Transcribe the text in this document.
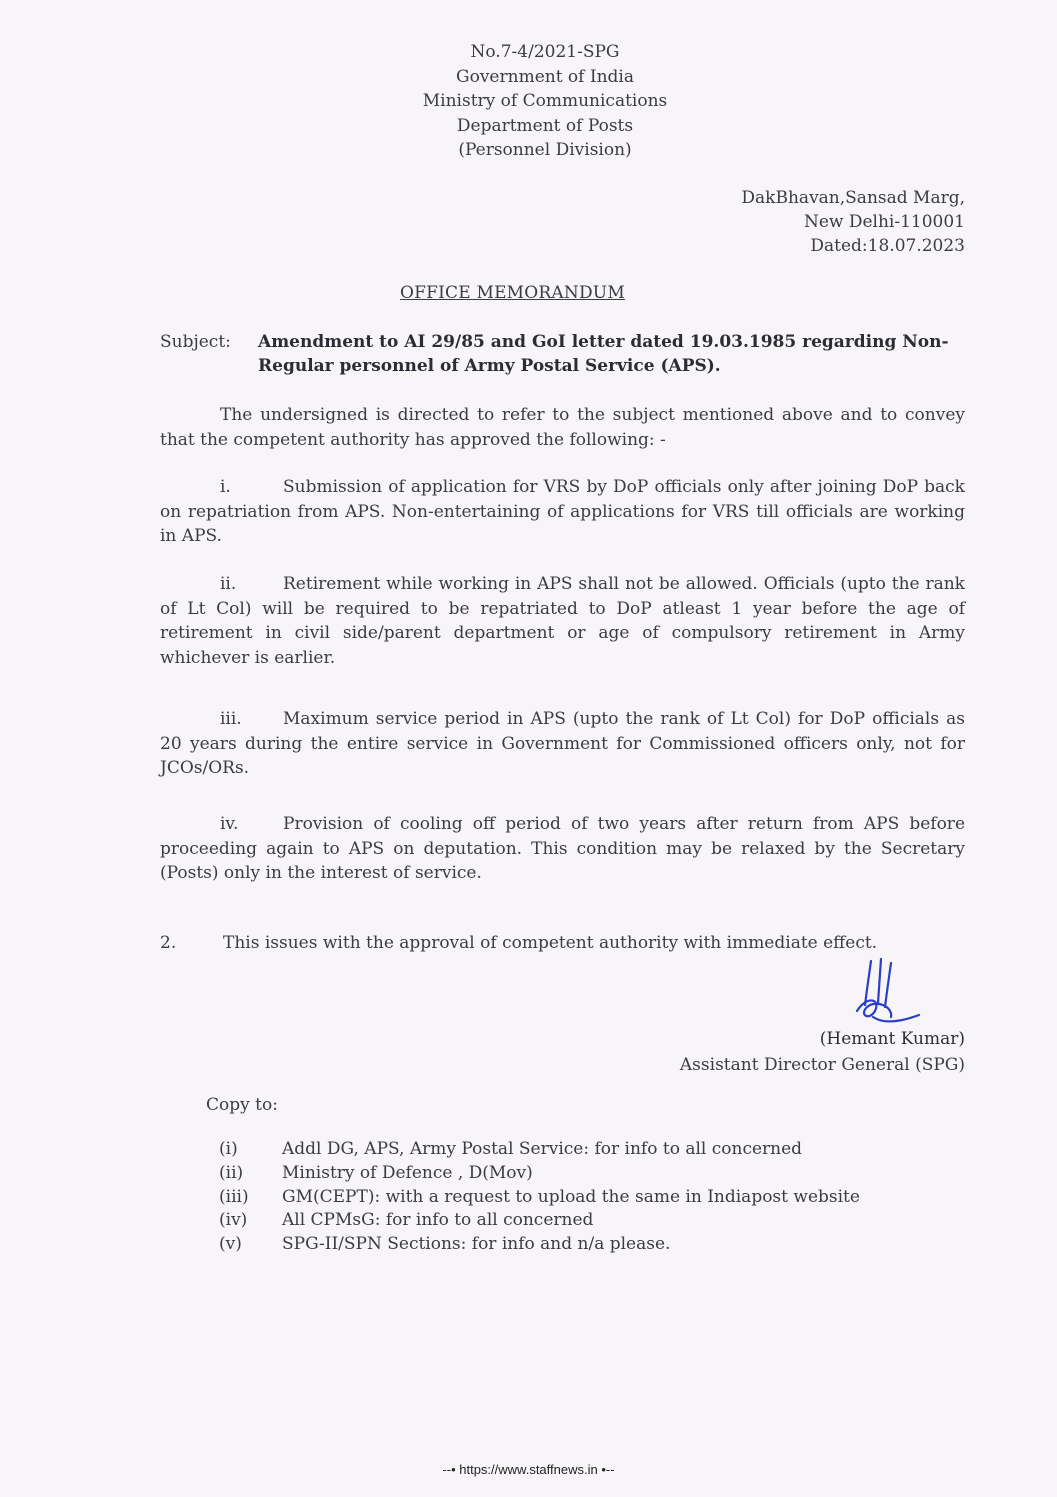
No.7-4/2021-SPG
Government of India
Ministry of Communications
Department of Posts
(Personnel Division)
DakBhavan,Sansad Marg,
New Delhi-110001
Dated:18.07.2023
OFFICE MEMORANDUM
Subject: Amendment to AI 29/85 and GoI letter dated 19.03.1985 regarding Non-Regular personnel of Army Postal Service (APS).
The undersigned is directed to refer to the subject mentioned above and to convey that the competent authority has approved the following: -
i.	Submission of application for VRS by DoP officials only after joining DoP back on repatriation from APS. Non-entertaining of applications for VRS till officials are working in APS.
ii.	Retirement while working in APS shall not be allowed. Officials (upto the rank of Lt Col) will be required to be repatriated to DoP atleast 1 year before the age of retirement in civil side/parent department or age of compulsory retirement in Army whichever is earlier.
iii. Maximum service period in APS (upto the rank of Lt Col) for DoP officials as 20 years during the entire service in Government for Commissioned officers only, not for JCOs/ORs.
iv.	Provision of cooling off period of two years after return from APS before proceeding again to APS on deputation. This condition may be relaxed by the Secretary (Posts) only in the interest of service.
2.	This issues with the approval of competent authority with immediate effect.
(Hemant Kumar)
Assistant Director General (SPG)
Copy to:
(i)	Addl DG, APS, Army Postal Service: for info to all concerned
(ii) Ministry of Defence , D(Mov)
(iii) GM(CEPT): with a request to upload the same in Indiapost website
(iv) All CPMsG: for info to all concerned
(v) SPG-II/SPN Sections: for info and n/a please.
--• https://www.staffnews.in •--
